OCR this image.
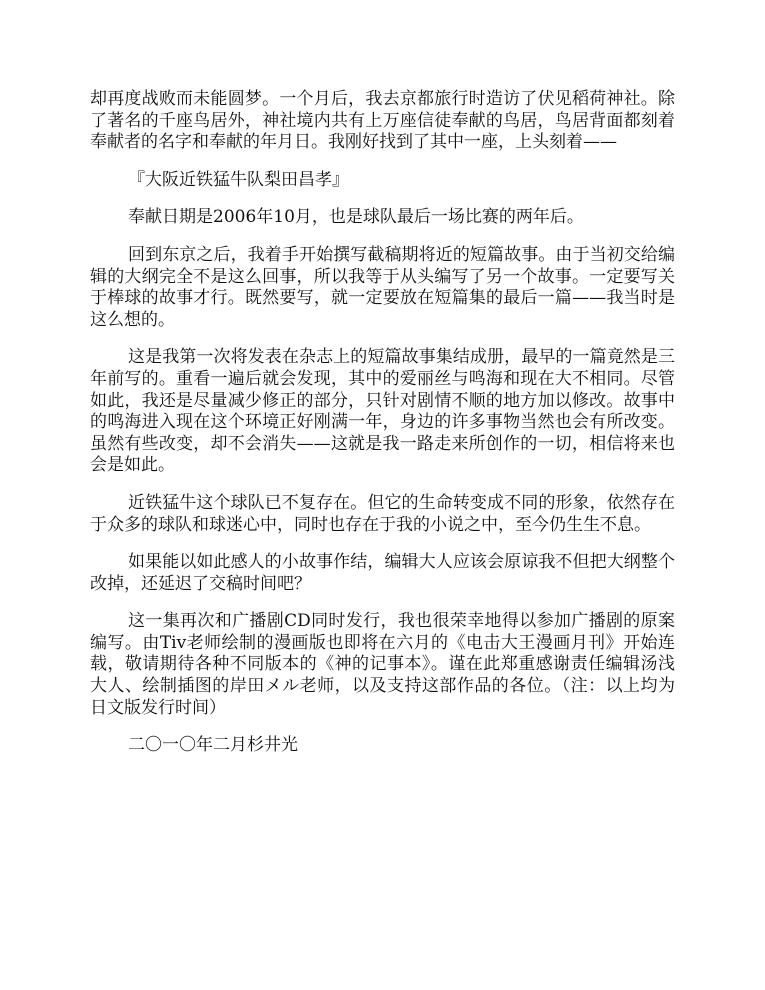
却再度战败而未能圆梦。一个月后，我去京都旅行时造访了伏见稻荷神社。除了著名的千座鸟居外，神社境内共有上万座信徒奉献的鸟居，鸟居背面都刻着奉献者的名字和奉献的年月日。我刚好找到了其中一座，上头刻着——

『大阪近铁猛牛队梨田昌孝』

奉献日期是2006年10月，也是球队最后一场比赛的两年后。

回到东京之后，我着手开始撰写截稿期将近的短篇故事。由于当初交给编辑的大纲完全不是这么回事，所以我等于从头编写了另一个故事。一定要写关于棒球的故事才行。既然要写，就一定要放在短篇集的最后一篇——我当时是这么想的。

这是我第一次将发表在杂志上的短篇故事集结成册，最早的一篇竟然是三年前写的。重看一遍后就会发现，其中的爱丽丝与鸣海和现在大不相同。尽管如此，我还是尽量减少修正的部分，只针对剧情不顺的地方加以修改。故事中的鸣海进入现在这个环境正好刚满一年，身边的许多事物当然也会有所改变。虽然有些改变，却不会消失——这就是我一路走来所创作的一切，相信将来也会是如此。

近铁猛牛这个球队已不复存在。但它的生命转变成不同的形象，依然存在于众多的球队和球迷心中，同时也存在于我的小说之中，至今仍生生不息。

如果能以如此感人的小故事作结，编辑大人应该会原谅我不但把大纲整个改掉，还延迟了交稿时间吧？

这一集再次和广播剧CD同时发行，我也很荣幸地得以参加广播剧的原案编写。由Tiv老师绘制的漫画版也即将在六月的《电击大王漫画月刊》开始连载，敬请期待各种不同版本的《神的记事本》。谨在此郑重感谢责任编辑汤浅大人、绘制插图的岸田メル老师，以及支持这部作品的各位。（注：以上均为日文版发行时间）

二〇一〇年二月杉井光
